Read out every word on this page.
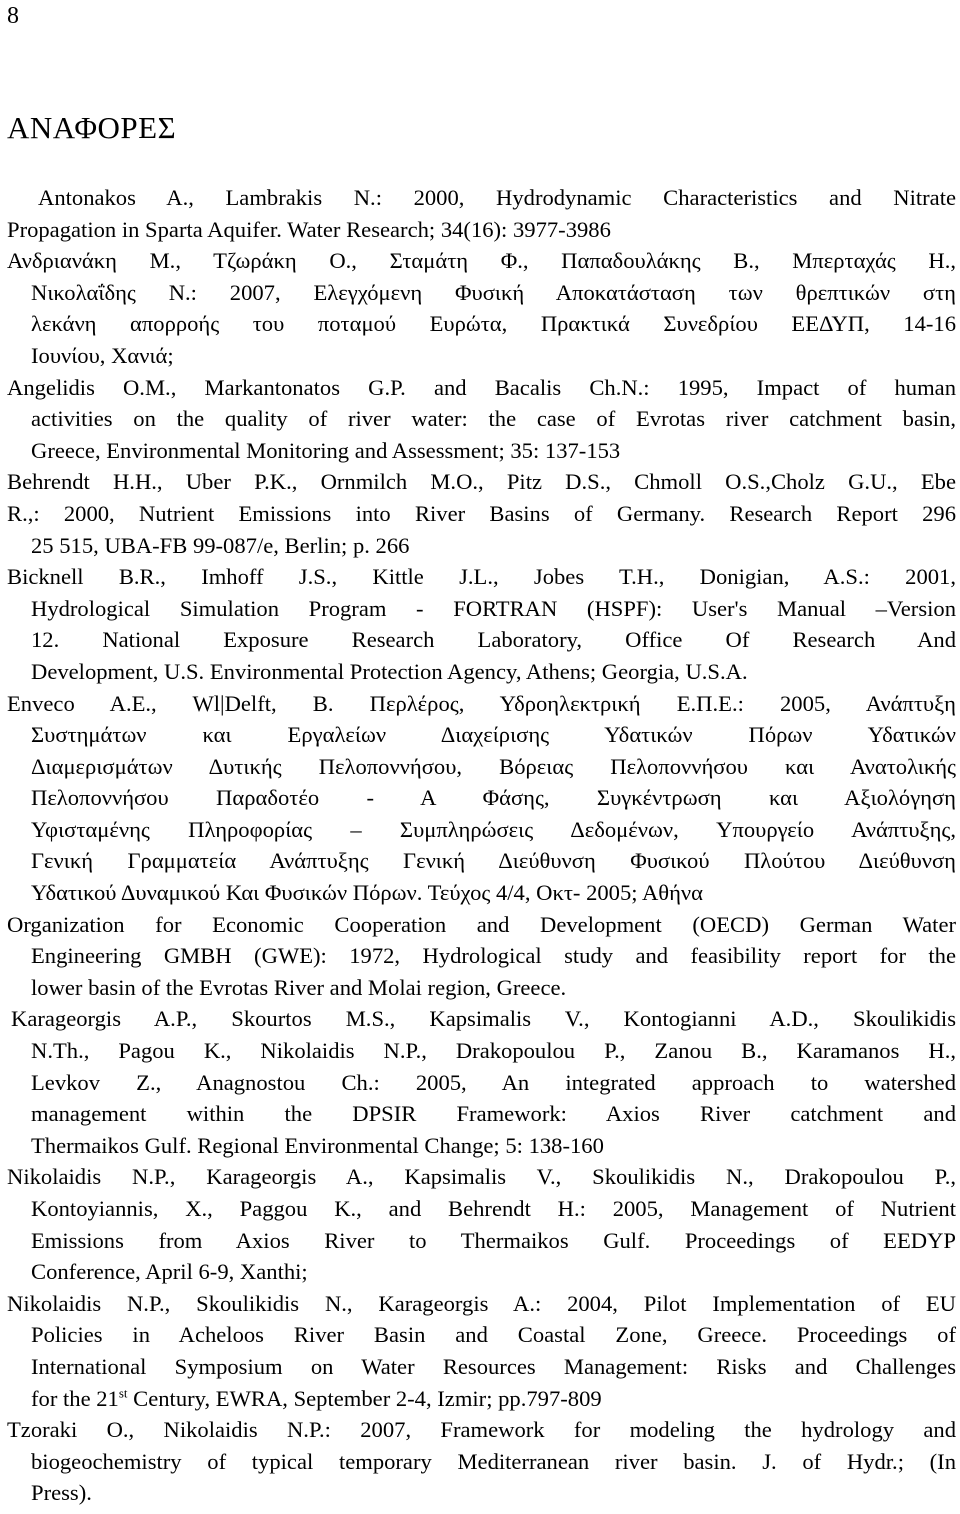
8
ΑΝΑΦΟΡΕΣ
Antonakos A., Lambrakis N.: 2000, Hydrodynamic Characteristics and Nitrate
Propagation in Sparta Aquifer. Water Research; 34(16): 3977-3986
Ανδριανάκη Μ., Τζωράκη Ο., Σταμάτη Φ., Παπαδουλάκης Β., Μπερταχάς Η.,
Νικολαΐδης Ν.: 2007, Ελεγχόμενη Φυσική Αποκατάσταση των θρεπτικών στη
λεκάνη απορροής του ποταμού Ευρώτα, Πρακτικά Συνεδρίου ΕΕΔΥΠ, 14-16
Ιουνίου, Χανιά;
Angelidis O.M., Markantonatos G.P. and Bacalis Ch.N.: 1995, Impact of human
activities on the quality of river water: the case of Evrotas river catchment basin,
Greece, Environmental Monitoring and Assessment; 35: 137-153
Behrendt H.H., Uber P.K., Ornmilch M.O., Pitz D.S., Chmoll O.S.,Cholz G.U., Ebe
R.,: 2000, Nutrient Emissions into River Basins of Germany. Research Report 296
25 515, UBA-FB 99-087/e, Berlin; p. 266
Bicknell B.R., Imhoff J.S., Kittle J.L., Jobes T.H., Donigian, A.S.: 2001,
Hydrological Simulation Program - FORTRAN (HSPF): User's Manual –Version
12. National Exposure Research Laboratory, Office Of Research And
Development, U.S. Environmental Protection Agency, Athens; Georgia, U.S.A.
Enveco A.E., Wl|Delft, B. Περλέρος, Υδροηλεκτρική Ε.Π.Ε.: 2005, Ανάπτυξη
Συστημάτων και Εργαλείων Διαχείρισης Υδατικών Πόρων Υδατικών
Διαμερισμάτων Δυτικής Πελοποννήσου, Βόρειας Πελοποννήσου και Ανατολικής
Πελοποννήσου Παραδοτέο - Α Φάσης, Συγκέντρωση και Αξιολόγηση
Υφισταμένης Πληροφορίας – Συμπληρώσεις Δεδομένων, Υπουργείο Ανάπτυξης,
Γενική Γραμματεία Ανάπτυξης Γενική Διεύθυνση Φυσικού Πλούτου Διεύθυνση
Υδατικού Δυναμικού Και Φυσικών Πόρων. Τεύχος 4/4, Οκτ- 2005; Αθήνα
Organization for Economic Cooperation and Development (OECD) German Water
Engineering GMBH (GWE): 1972, Hydrological study and feasibility report for the
lower basin of the Evrotas River and Molai region, Greece.
Karageorgis A.P., Skourtos M.S., Kapsimalis V., Kontogianni A.D., Skoulikidis
N.Th., Pagou K., Nikolaidis N.P., Drakopoulou P., Zanou B., Karamanos H.,
Levkov Z., Anagnostou Ch.: 2005, An integrated approach to watershed
management within the DPSIR Framework: Axios River catchment and
Thermaikos Gulf. Regional Environmental Change; 5: 138-160
Nikolaidis N.P., Karageorgis A., Kapsimalis V., Skoulikidis N., Drakopoulou P.,
Kontoyiannis, X., Paggou K., and Behrendt H.: 2005, Management of Nutrient
Emissions from Axios River to Thermaikos Gulf. Proceedings of EEDYP
Conference, April 6-9, Xanthi;
Nikolaidis N.P., Skoulikidis N., Karageorgis A.: 2004, Pilot Implementation of EU
Policies in Acheloos River Basin and Coastal Zone, Greece. Proceedings of
International Symposium on Water Resources Management: Risks and Challenges
for the 21st Century, EWRA, September 2-4, Izmir; pp.797-809
Tzoraki O., Nikolaidis N.P.: 2007, Framework for modeling the hydrology and
biogeochemistry of typical temporary Mediterranean river basin. J. of Hydr.; (In
Press).
